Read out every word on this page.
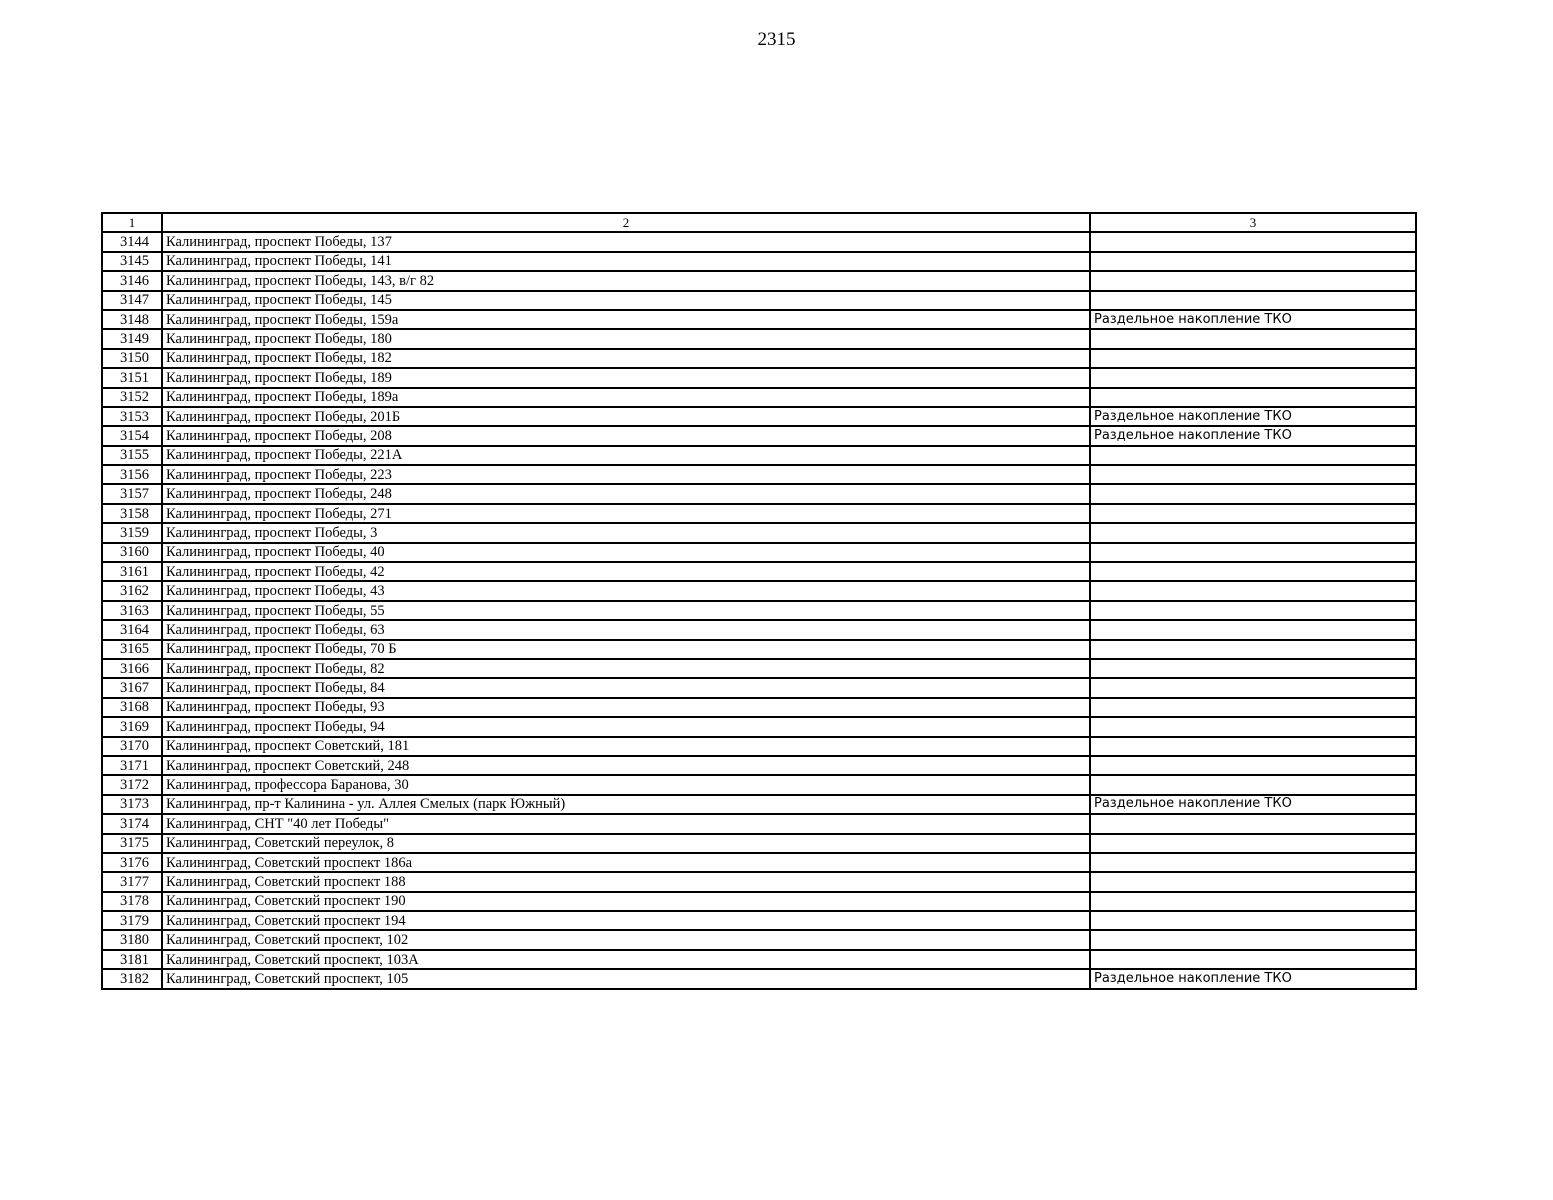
2315
1	2	3
3144	Калининград, проспект Победы, 137	
3145	Калининград, проспект Победы, 141	
3146	Калининград, проспект Победы, 143, в/г 82	
3147	Калининград, проспект Победы, 145	
3148	Калининград, проспект Победы, 159а	Раздельное накопление ТКО
3149	Калининград, проспект Победы, 180	
3150	Калининград, проспект Победы, 182	
3151	Калининград, проспект Победы, 189	
3152	Калининград, проспект Победы, 189а	
3153	Калининград, проспект Победы, 201Б	Раздельное накопление ТКО
3154	Калининград, проспект Победы, 208	Раздельное накопление ТКО
3155	Калининград, проспект Победы, 221А	
3156	Калининград, проспект Победы, 223	
3157	Калининград, проспект Победы, 248	
3158	Калининград, проспект Победы, 271	
3159	Калининград, проспект Победы, 3	
3160	Калининград, проспект Победы, 40	
3161	Калининград, проспект Победы, 42	
3162	Калининград, проспект Победы, 43	
3163	Калининград, проспект Победы, 55	
3164	Калининград, проспект Победы, 63	
3165	Калининград, проспект Победы, 70 Б	
3166	Калининград, проспект Победы, 82	
3167	Калининград, проспект Победы, 84	
3168	Калининград, проспект Победы, 93	
3169	Калининград, проспект Победы, 94	
3170	Калининград, проспект Советский, 181	
3171	Калининград, проспект Советский, 248	
3172	Калининград, профессора Баранова, 30	
3173	Калининград, пр-т Калинина - ул. Аллея Смелых (парк Южный)	Раздельное накопление ТКО
3174	Калининград, СНТ "40 лет Победы"	
3175	Калининград, Советский переулок, 8	
3176	Калининград, Советский проспект 186а	
3177	Калининград, Советский проспект 188	
3178	Калининград, Советский проспект 190	
3179	Калининград, Советский проспект 194	
3180	Калининград, Советский проспект, 102	
3181	Калининград, Советский проспект, 103А	
3182	Калининград, Советский проспект, 105	Раздельное накопление ТКО
